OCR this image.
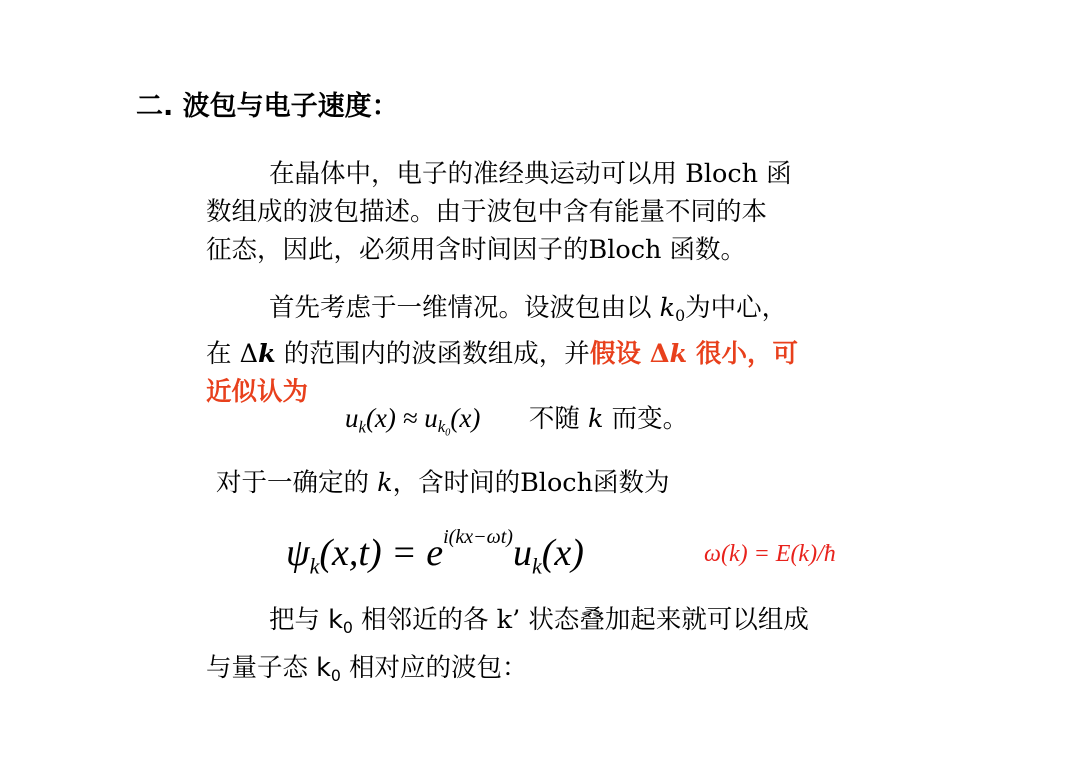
二. 波包与电子速度：
在晶体中，电子的准经典运动可以用 Bloch 函
数组成的波包描述。由于波包中含有能量不同的本
征态，因此，必须用含时间因子的Bloch 函数。
首先考虑于一维情况。设波包由以 $k_0$为中心，
在 Δk 的范围内的波函数组成，并假设 Δk 很小，可
近似认为
$u_k(x) \approx u_{k_0}(x)$ 不随 k 而变。
对于一确定的 k，含时间的Bloch函数为
$\psi_k(x,t) = e^{i(kx-\omega t)}u_k(x)$	ω(k) = E(k)/ħ
把与 $k_0$ 相邻近的各 k’ 状态叠加起来就可以组成
与量子态 $k_0$ 相对应的波包：
